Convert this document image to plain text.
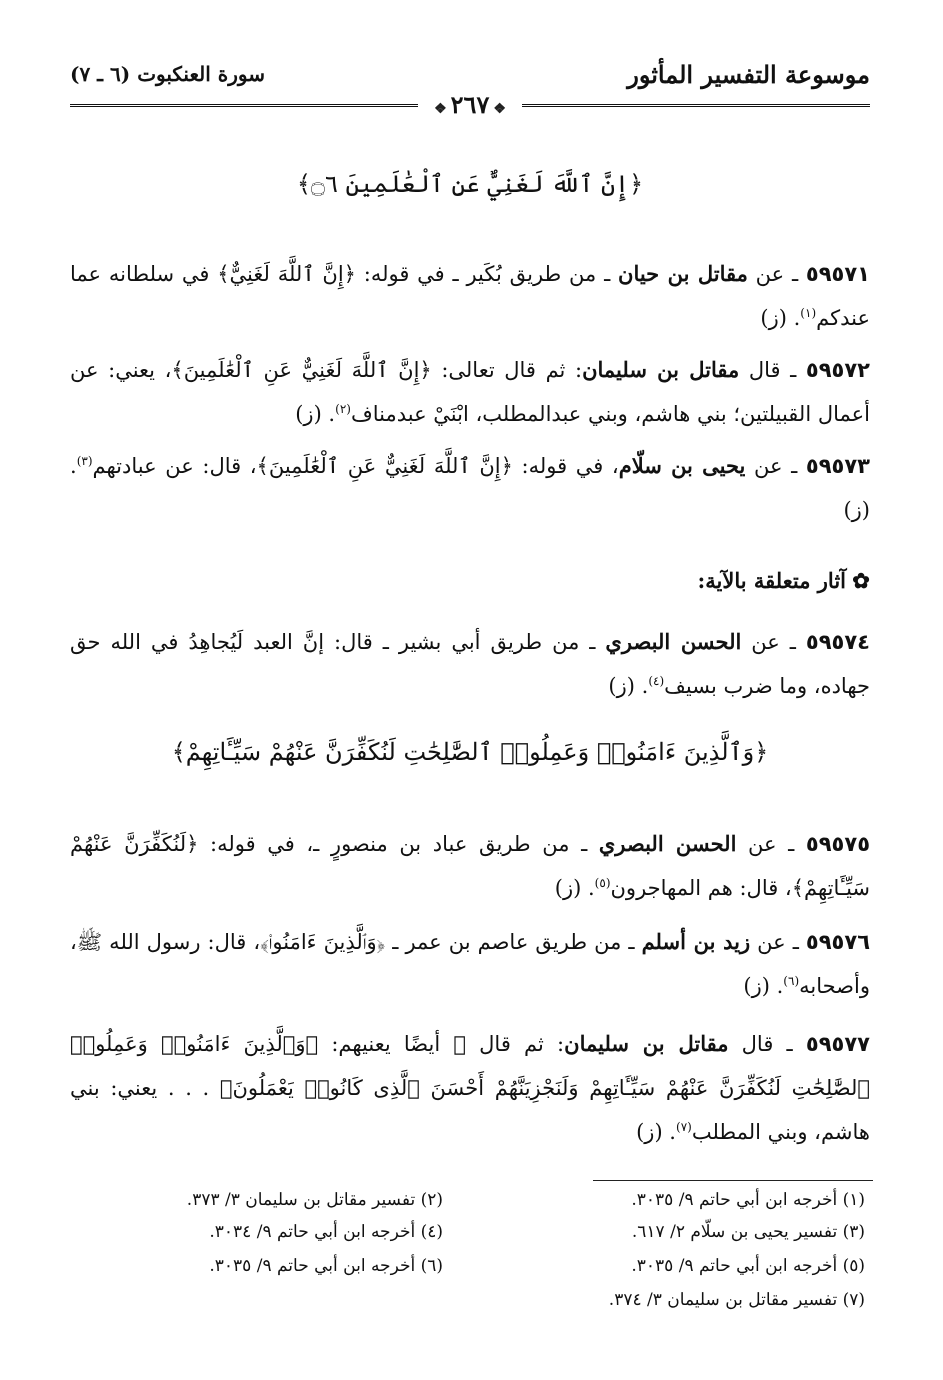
موسوعة التفسير المأثور
سورة العنكبوت (٦ ـ ٧)
❖٢٦٧❖
﴿إِنَّ ٱللَّهَ لَغَنِيٌّ عَنِ ٱلْعَٰلَمِينَ ۝٦﴾
٥٩٥٧١ ـ عن مقاتل بن حيان ـ من طريق بُكَير ـ في قوله: ﴿إِنَّ ٱللَّهَ لَغَنِيٌّ﴾ في سلطانه عما عندكم$^{(١)}$. (ز)
٥٩٥٧٢ ـ قال مقاتل بن سليمان: ثم قال تعالى: ﴿إِنَّ ٱللَّهَ لَغَنِيٌّ عَنِ ٱلْعَٰلَمِينَ﴾، يعني: عن أعمال القبيلتين؛ بني هاشم، وبني عبدالمطلب، ابْنَيْ عبدمناف$^{(٢)}$. (ز)
٥٩٥٧٣ ـ عن يحيى بن سلّام، في قوله: ﴿إِنَّ ٱللَّهَ لَغَنِيٌّ عَنِ ٱلْعَٰلَمِينَ﴾، قال: عن عبادتهم$^{(٣)}$. (ز)
✿آثار متعلقة بالآية:
٥٩٥٧٤ ـ عن الحسن البصري ـ من طريق أبي بشير ـ قال: إنَّ العبد لَيُجاهِدُ في الله حق جهاده، وما ضرب بسيف$^{(٤)}$. (ز)
﴿وَٱلَّذِينَ ءَامَنُوا۟ وَعَمِلُوا۟ ٱلصَّٰلِحَٰتِ لَنُكَفِّرَنَّ عَنْهُمْ سَيِّـَٔاتِهِمْ﴾
٥٩٥٧٥ ـ عن الحسن البصري ـ من طريق عباد بن منصورٍ ـ، في قوله: ﴿لَنُكَفِّرَنَّ عَنْهُمْ سَيِّـَٔاتِهِمْ﴾، قال: هم المهاجرون$^{(٥)}$. (ز)
٥٩٥٧٦ ـ عن زيد بن أسلم ـ من طريق عاصم بن عمر ـ ﴿وَٱلَّذِينَ ءَامَنُوا۟﴾، قال: رسول الله ﷺ، وأصحابه$^{(٦)}$. (ز)
٥٩٥٧٧ ـ قال مقاتل بن سليمان: ثم قال ﷻ أيضًا يعنيهم: ﴿وَٱلَّذِينَ ءَامَنُوا۟ وَعَمِلُوا۟ ٱلصَّٰلِحَٰتِ لَنُكَفِّرَنَّ عَنْهُمْ سَيِّـَٔاتِهِمْ وَلَنَجْزِيَنَّهُمْ أَحْسَنَ ٱلَّذِى كَانُوا۟ يَعْمَلُونَ﴾ . . . يعني: بني هاشم، وبني المطلب$^{(٧)}$. (ز)
(١) أخرجه ابن أبي حاتم ٩/ ٣٠٣٥.
(٢) تفسير مقاتل بن سليمان ٣/ ٣٧٣.
(٣) تفسير يحيى بن سلّام ٢/ ٦١٧.
(٤) أخرجه ابن أبي حاتم ٩/ ٣٠٣٤.
(٥) أخرجه ابن أبي حاتم ٩/ ٣٠٣٥.
(٦) أخرجه ابن أبي حاتم ٩/ ٣٠٣٥.
(٧) تفسير مقاتل بن سليمان ٣/ ٣٧٤.
